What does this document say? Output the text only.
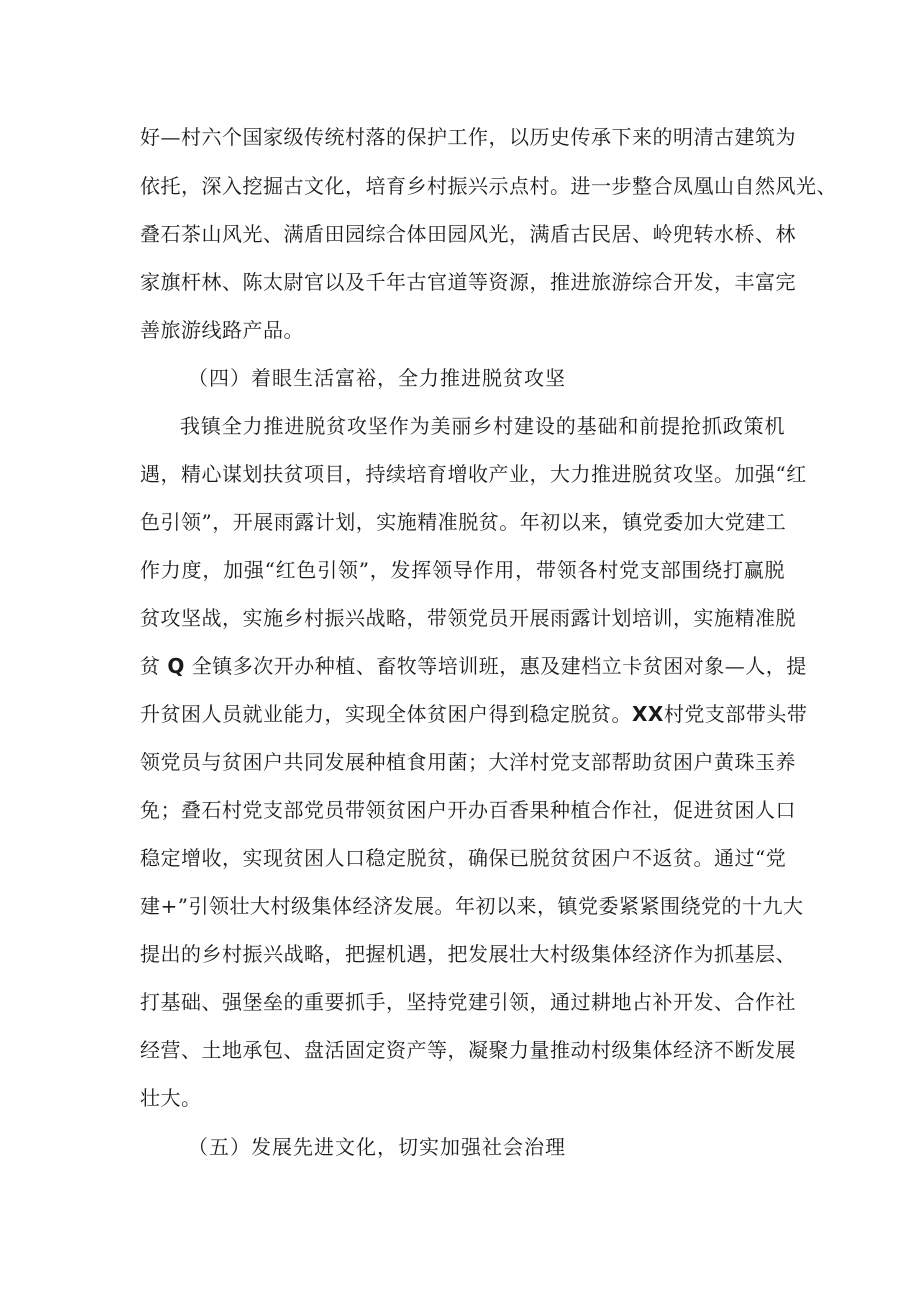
好—村六个国家级传统村落的保护工作，以历史传承下来的明清古建筑为
依托，深入挖掘古文化，培育乡村振兴示点村。进一步整合凤凰山自然风光、
叠石茶山风光、满盾田园综合体田园风光，满盾古民居、岭兜转水桥、林
家旗杆林、陈太尉官以及千年古官道等资源，推进旅游综合开发，丰富完
善旅游线路产品。
（四）着眼生活富裕，全力推进脱贫攻坚
我镇全力推进脱贫攻坚作为美丽乡村建设的基础和前提抢抓政策机
遇，精心谋划扶贫项目，持续培育增收产业，大力推进脱贫攻坚。加强“红
色引领”，开展雨露计划，实施精准脱贫。年初以来，镇党委加大党建工
作力度，加强“红色引领”，发挥领导作用，带领各村党支部围绕打赢脱
贫攻坚战，实施乡村振兴战略，带领党员开展雨露计划培训，实施精准脱
贫 Q 全镇多次开办种植、畜牧等培训班，惠及建档立卡贫困对象—人，提
升贫困人员就业能力，实现全体贫困户得到稳定脱贫。XX村党支部带头带
领党员与贫困户共同发展种植食用菌；大洋村党支部帮助贫困户黄珠玉养
免；叠石村党支部党员带领贫困户开办百香果种植合作社，促进贫困人口
稳定增收，实现贫困人口稳定脱贫，确保已脱贫贫困户不返贫。通过“党
建+”引领壮大村级集体经济发展。年初以来，镇党委紧紧围绕党的十九大
提出的乡村振兴战略，把握机遇，把发展壮大村级集体经济作为抓基层、
打基础、强堡垒的重要抓手，坚持党建引领，通过耕地占补开发、合作社
经营、土地承包、盘活固定资产等，凝聚力量推动村级集体经济不断发展
壮大。
（五）发展先进文化，切实加强社会治理
